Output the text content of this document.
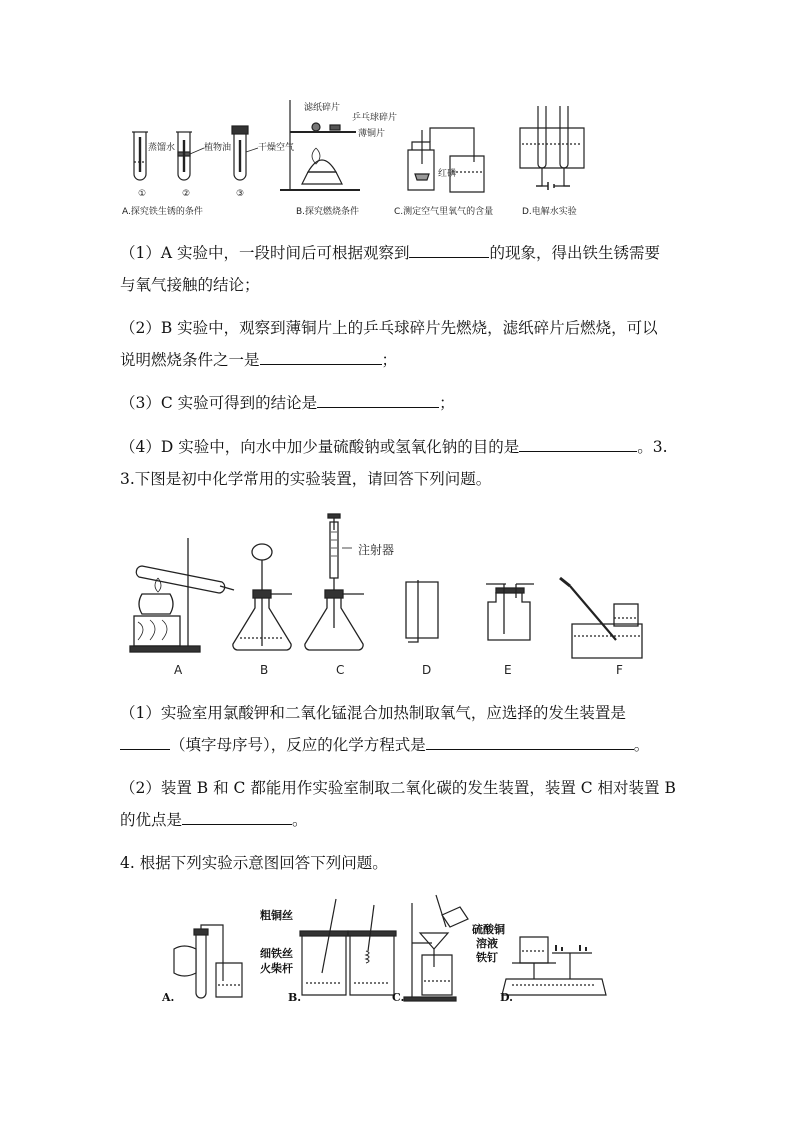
蒸馏水	植物油	干燥空气
①	②	③
滤纸碎片
乒乓球碎片
薄铜片
红磷
A.探究铁生锈的条件	B.探究燃烧条件	C.测定空气里氧气的含量	D.电解水实验
（1）A 实验中，一段时间后可根据观察到	的现象，得出铁生锈需要
与氧气接触的结论；
（2）B 实验中，观察到薄铜片上的乒乓球碎片先燃烧，滤纸碎片后燃烧，可以
说明燃烧条件之一是	；
（3）C 实验可得到的结论是	；
（4）D 实验中，向水中加少量硫酸钠或氢氧化钠的目的是	。3.
3.下图是初中化学常用的实验装置，请回答下列问题。
注射器
A	B	C	D	E	F
（1）实验室用氯酸钾和二氧化锰混合加热制取氧气，应选择的发生装置是
（填字母序号），反应的化学方程式是	。
（2）装置 B 和 C 都能用作实验室制取二氧化碳的发生装置，装置 C 相对装置 B
的优点是	。
4. 根据下列实验示意图回答下列问题。
粗铜丝
细铁丝
火柴杆
硫酸铜
溶液
铁钉
A.	B.	C.	D.
